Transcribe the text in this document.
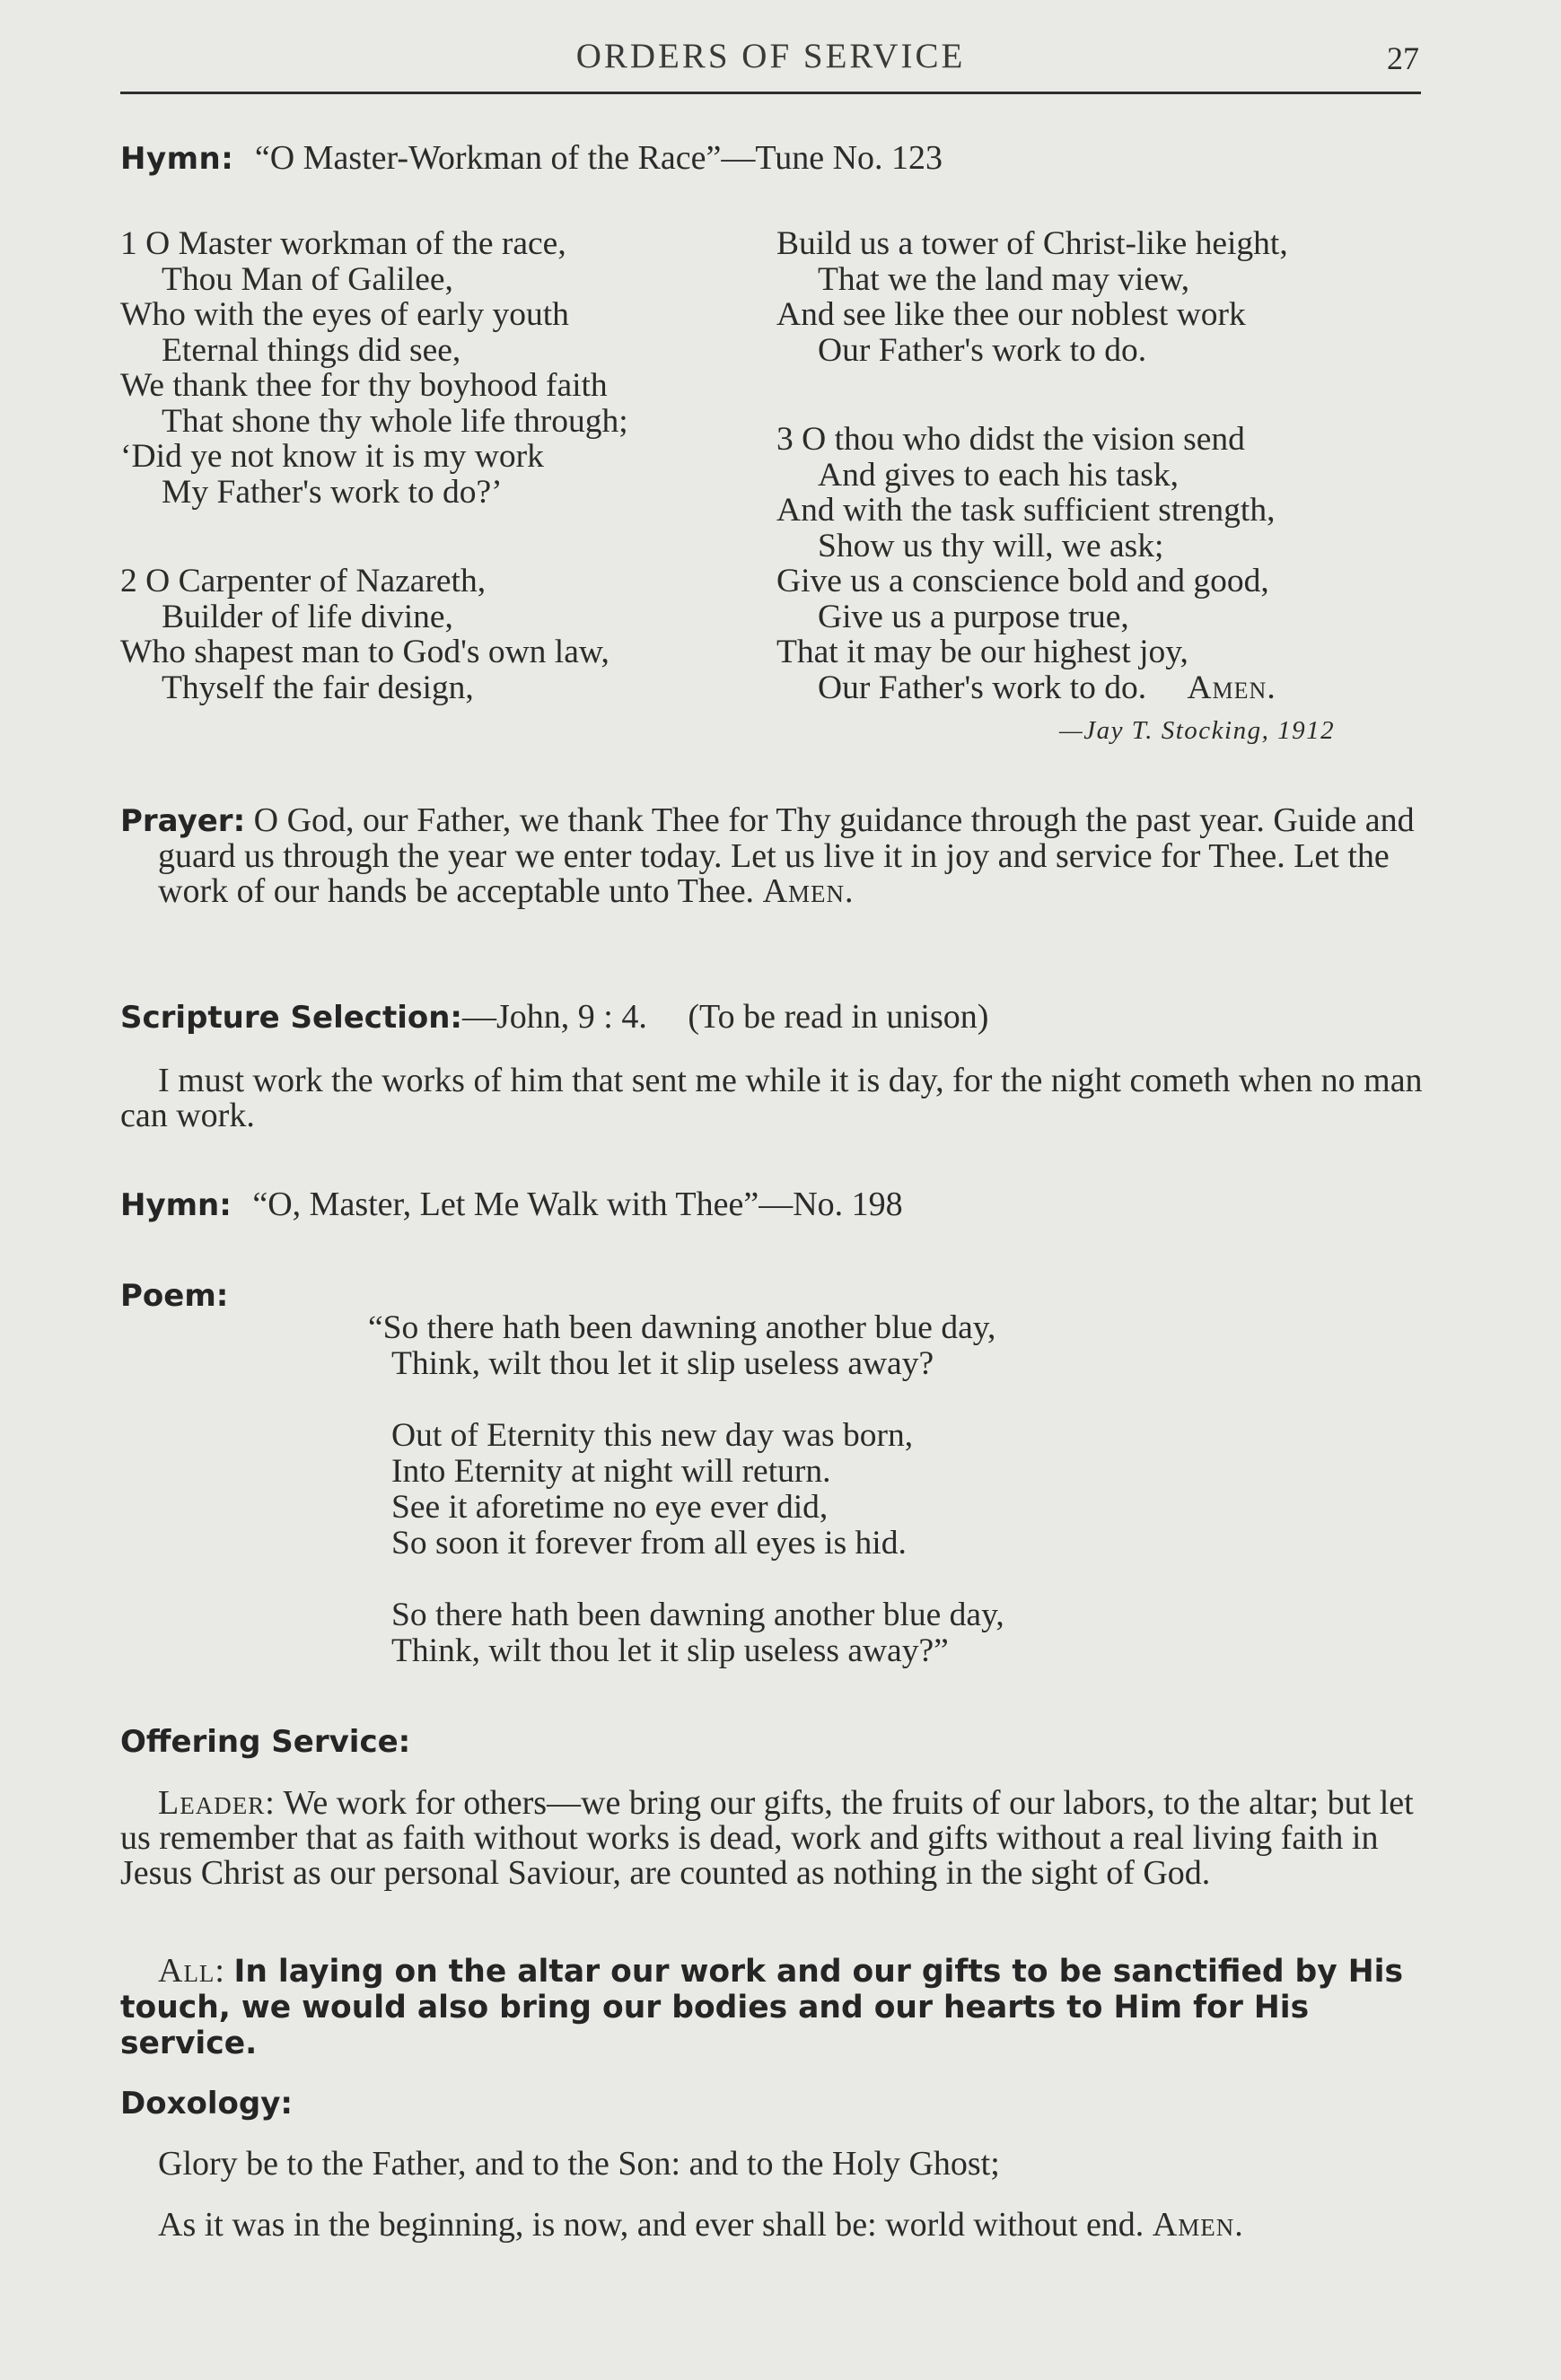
ORDERS OF SERVICE	27
Hymn: “O Master-Workman of the Race”—Tune No. 123
1 O Master workman of the race,
Thou Man of Galilee,
Who with the eyes of early youth
Eternal things did see,
We thank thee for thy boyhood faith
That shone thy whole life through;
‘Did ye not know it is my work
My Father's work to do?’
2 O Carpenter of Nazareth,
Builder of life divine,
Who shapest man to God's own law,
Thyself the fair design,
Build us a tower of Christ-like height,
That we the land may view,
And see like thee our noblest work
Our Father's work to do.
3 O thou who didst the vision send
And gives to each his task,
And with the task sufficient strength,
Show us thy will, we ask;
Give us a conscience bold and good,
Give us a purpose true,
That it may be our highest joy,
Our Father's work to do. Amen.
—Jay T. Stocking, 1912
Prayer: O God, our Father, we thank Thee for Thy guidance through the past year. Guide and guard us through the year we enter today. Let us live it in joy and service for Thee. Let the work of our hands be acceptable unto Thee. Amen.
Scripture Selection:—John, 9 : 4. (To be read in unison)
I must work the works of him that sent me while it is day, for the night cometh when no man can work.
Hymn: “O, Master, Let Me Walk with Thee”—No. 198
Poem:
“So there hath been dawning another blue day,
Think, wilt thou let it slip useless away?
Out of Eternity this new day was born,
Into Eternity at night will return.
See it aforetime no eye ever did,
So soon it forever from all eyes is hid.
So there hath been dawning another blue day,
Think, wilt thou let it slip useless away?”
Offering Service:
Leader: We work for others—we bring our gifts, the fruits of our labors, to the altar; but let us remember that as faith without works is dead, work and gifts without a real living faith in Jesus Christ as our personal Saviour, are counted as nothing in the sight of God.
All: In laying on the altar our work and our gifts to be sanctified by His touch, we would also bring our bodies and our hearts to Him for His service.
Doxology:
Glory be to the Father, and to the Son: and to the Holy Ghost;
As it was in the beginning, is now, and ever shall be: world without end. Amen.
